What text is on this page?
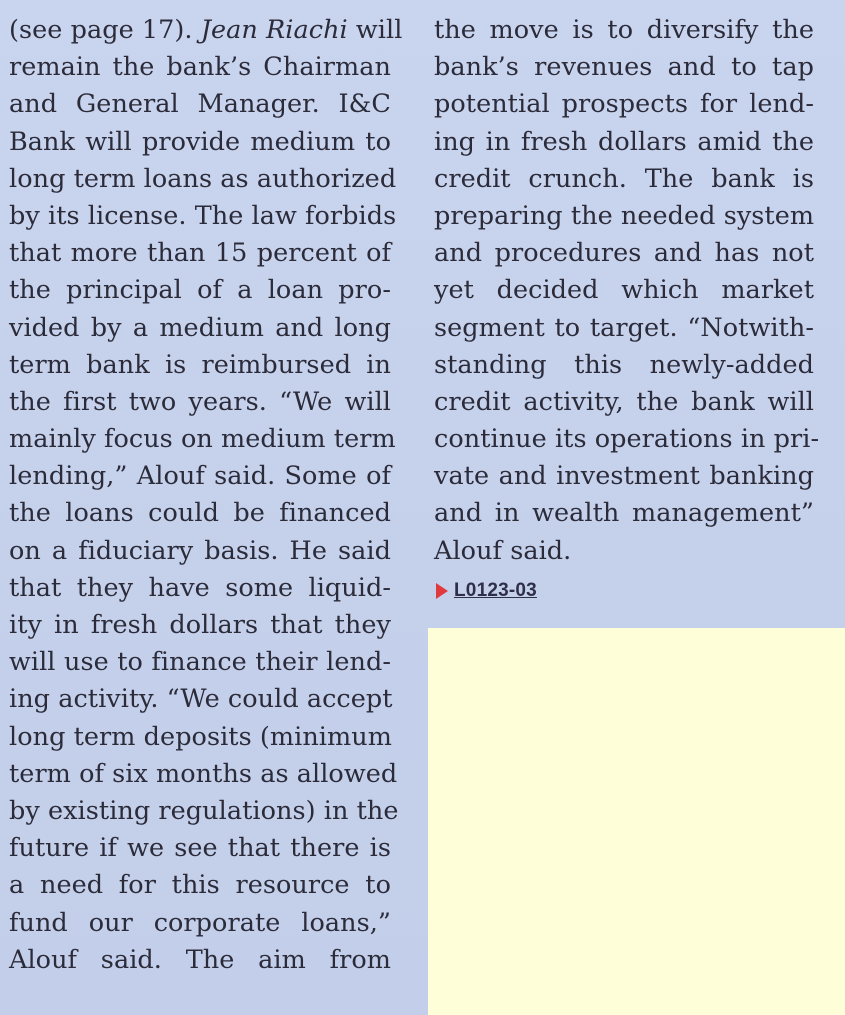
(see page 17). Jean Riachi will
remain the bank’s Chairman
and General Manager. I&C
Bank will provide medium to
long term loans as authorized
by its license. The law forbids
that more than 15 percent of
the principal of a loan pro-
vided by a medium and long
term bank is reimbursed in
the first two years. “We will
mainly focus on medium term
lending,” Alouf said. Some of
the loans could be financed
on a fiduciary basis. He said
that they have some liquid-
ity in fresh dollars that they
will use to finance their lend-
ing activity. “We could accept
long term deposits (minimum
term of six months as allowed
by existing regulations) in the
future if we see that there is
a need for this resource to
fund our corporate loans,”
Alouf said. The aim from
the move is to diversify the
bank’s revenues and to tap
potential prospects for lend-
ing in fresh dollars amid the
credit crunch. The bank is
preparing the needed system
and procedures and has not
yet decided which market
segment to target. “Notwith-
standing this newly-added
credit activity, the bank will
continue its operations in pri-
vate and investment banking
and in wealth management”
Alouf said.
L0123-03
